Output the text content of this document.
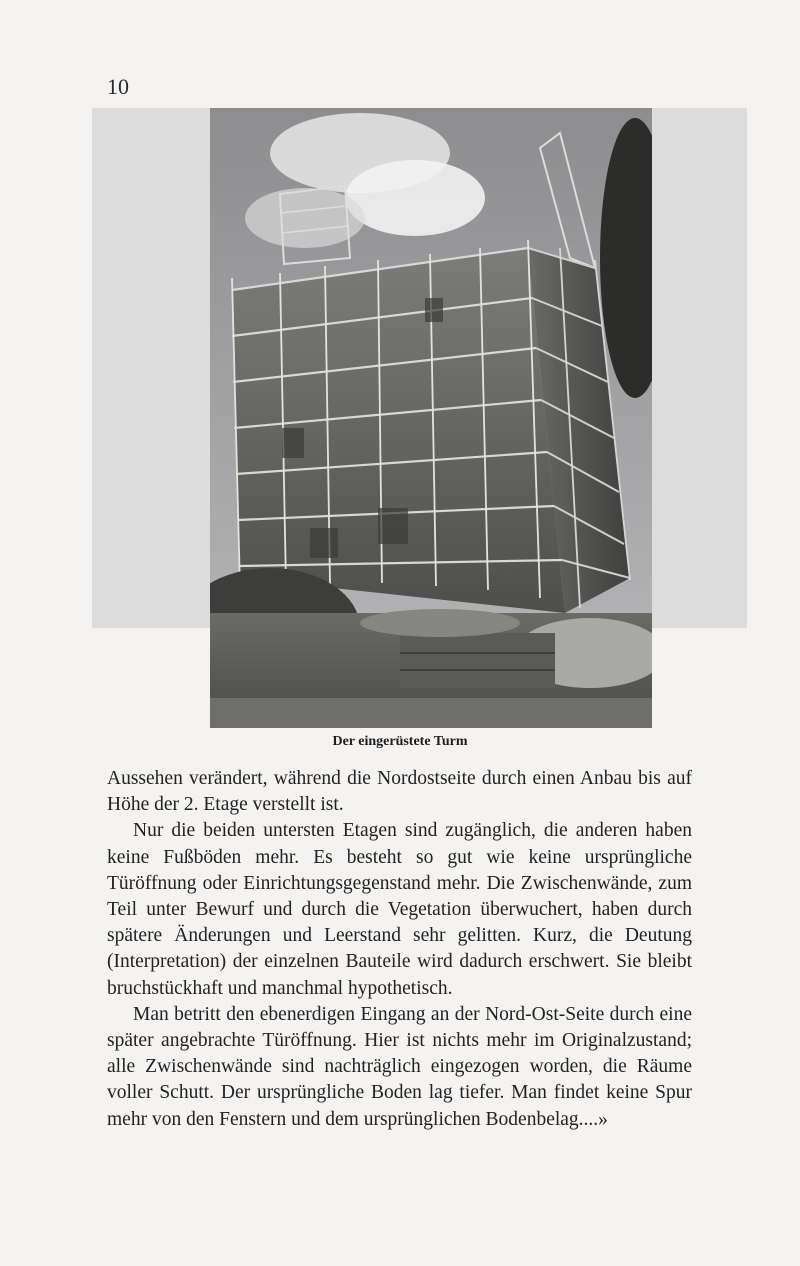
10
Der eingerüstete Turm

Aussehen verändert, während die Nordostseite durch einen Anbau bis auf Höhe der 2. Etage verstellt ist.

Nur die beiden untersten Etagen sind zugänglich, die anderen haben keine Fußböden mehr. Es besteht so gut wie keine ursprüngliche Türöffnung oder Einrichtungsgegenstand mehr. Die Zwischenwände, zum Teil unter Bewurf und durch die Vegetation überwuchert, haben durch spätere Änderungen und Leerstand sehr gelitten. Kurz, die Deutung (Interpretation) der einzelnen Bauteile wird dadurch erschwert. Sie bleibt bruchstückhaft und manchmal hypothetisch.

Man betritt den ebenerdigen Eingang an der Nord-Ost-Seite durch eine später angebrachte Türöffnung. Hier ist nichts mehr im Originalzustand; alle Zwischenwände sind nachträglich eingezogen worden, die Räume voller Schutt. Der ursprüngliche Boden lag tiefer. Man findet keine Spur mehr von den Fenstern und dem ursprünglichen Bodenbelag....»
